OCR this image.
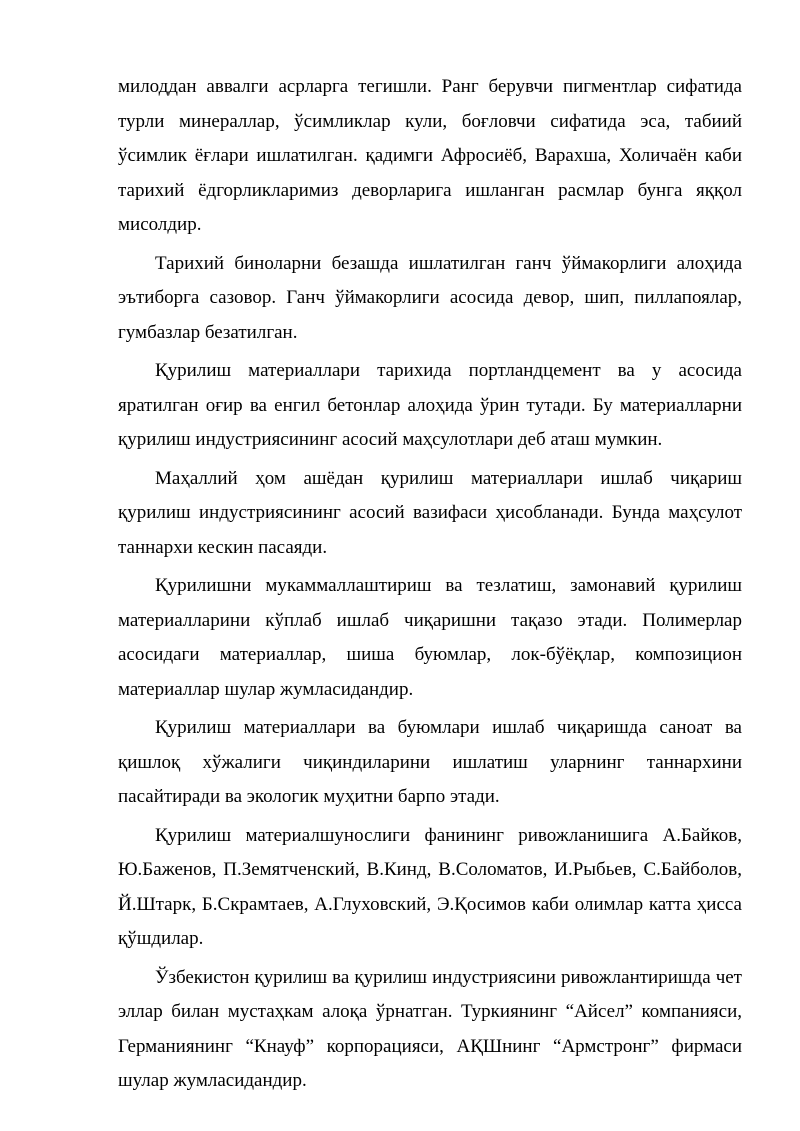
милоддан аввалги асрларга тегишли. Ранг берувчи пигментлар сифатида турли минераллар, ўсимликлар кули, боғловчи сифатида эса, табиий ўсимлик ёғлари ишлатилган. қадимги Афросиёб, Варахша, Холичаён каби тарихий ёдгорликларимиз деворларига ишланган расмлар бунга яққол мисолдир.

Тарихий биноларни безашда ишлатилган ганч ўймакорлиги алоҳида эътиборга сазовор. Ганч ўймакорлиги асосида девор, шип, пиллапоялар, гумбазлар безатилган.

Қурилиш материаллари тарихида портландцемент ва у асосида яратилган оғир ва енгил бетонлар алоҳида ўрин тутади. Бу материалларни қурилиш индустриясининг асосий маҳсулотлари деб аташ мумкин.

Маҳаллий ҳом ашёдан қурилиш материаллари ишлаб чиқариш қурилиш индустриясининг асосий вазифаси ҳисобланади. Бунда маҳсулот таннархи кескин пасаяди.

Қурилишни мукаммаллаштириш ва тезлатиш, замонавий қурилиш материалларини кўплаб ишлаб чиқаришни тақазо этади. Полимерлар асосидаги материаллар, шиша буюмлар, лок-бўёқлар, композицион материаллар шулар жумласидандир.

Қурилиш материаллари ва буюмлари ишлаб чиқаришда саноат ва қишлоқ хўжалиги чиқиндиларини ишлатиш уларнинг таннархини пасайтиради ва экологик муҳитни барпо этади.

Қурилиш материалшунослиги фанининг ривожланишига А.Байков, Ю.Баженов, П.Земятченский, В.Кинд, В.Соломатов, И.Рыбьев, С.Байболов, Й.Штарк, Б.Скрамтаев, А.Глуховский, Э.Қосимов каби олимлар катта ҳисса қўшдилар.

Ўзбекистон қурилиш ва қурилиш индустриясини ривожлантиришда чет эллар билан мустаҳкам алоқа ўрнатган. Туркиянинг “Айсел” компанияси, Германиянинг “Кнауф” корпорацияси, АҚШнинг “Армстронг” фирмаси шулар жумласидандир.
